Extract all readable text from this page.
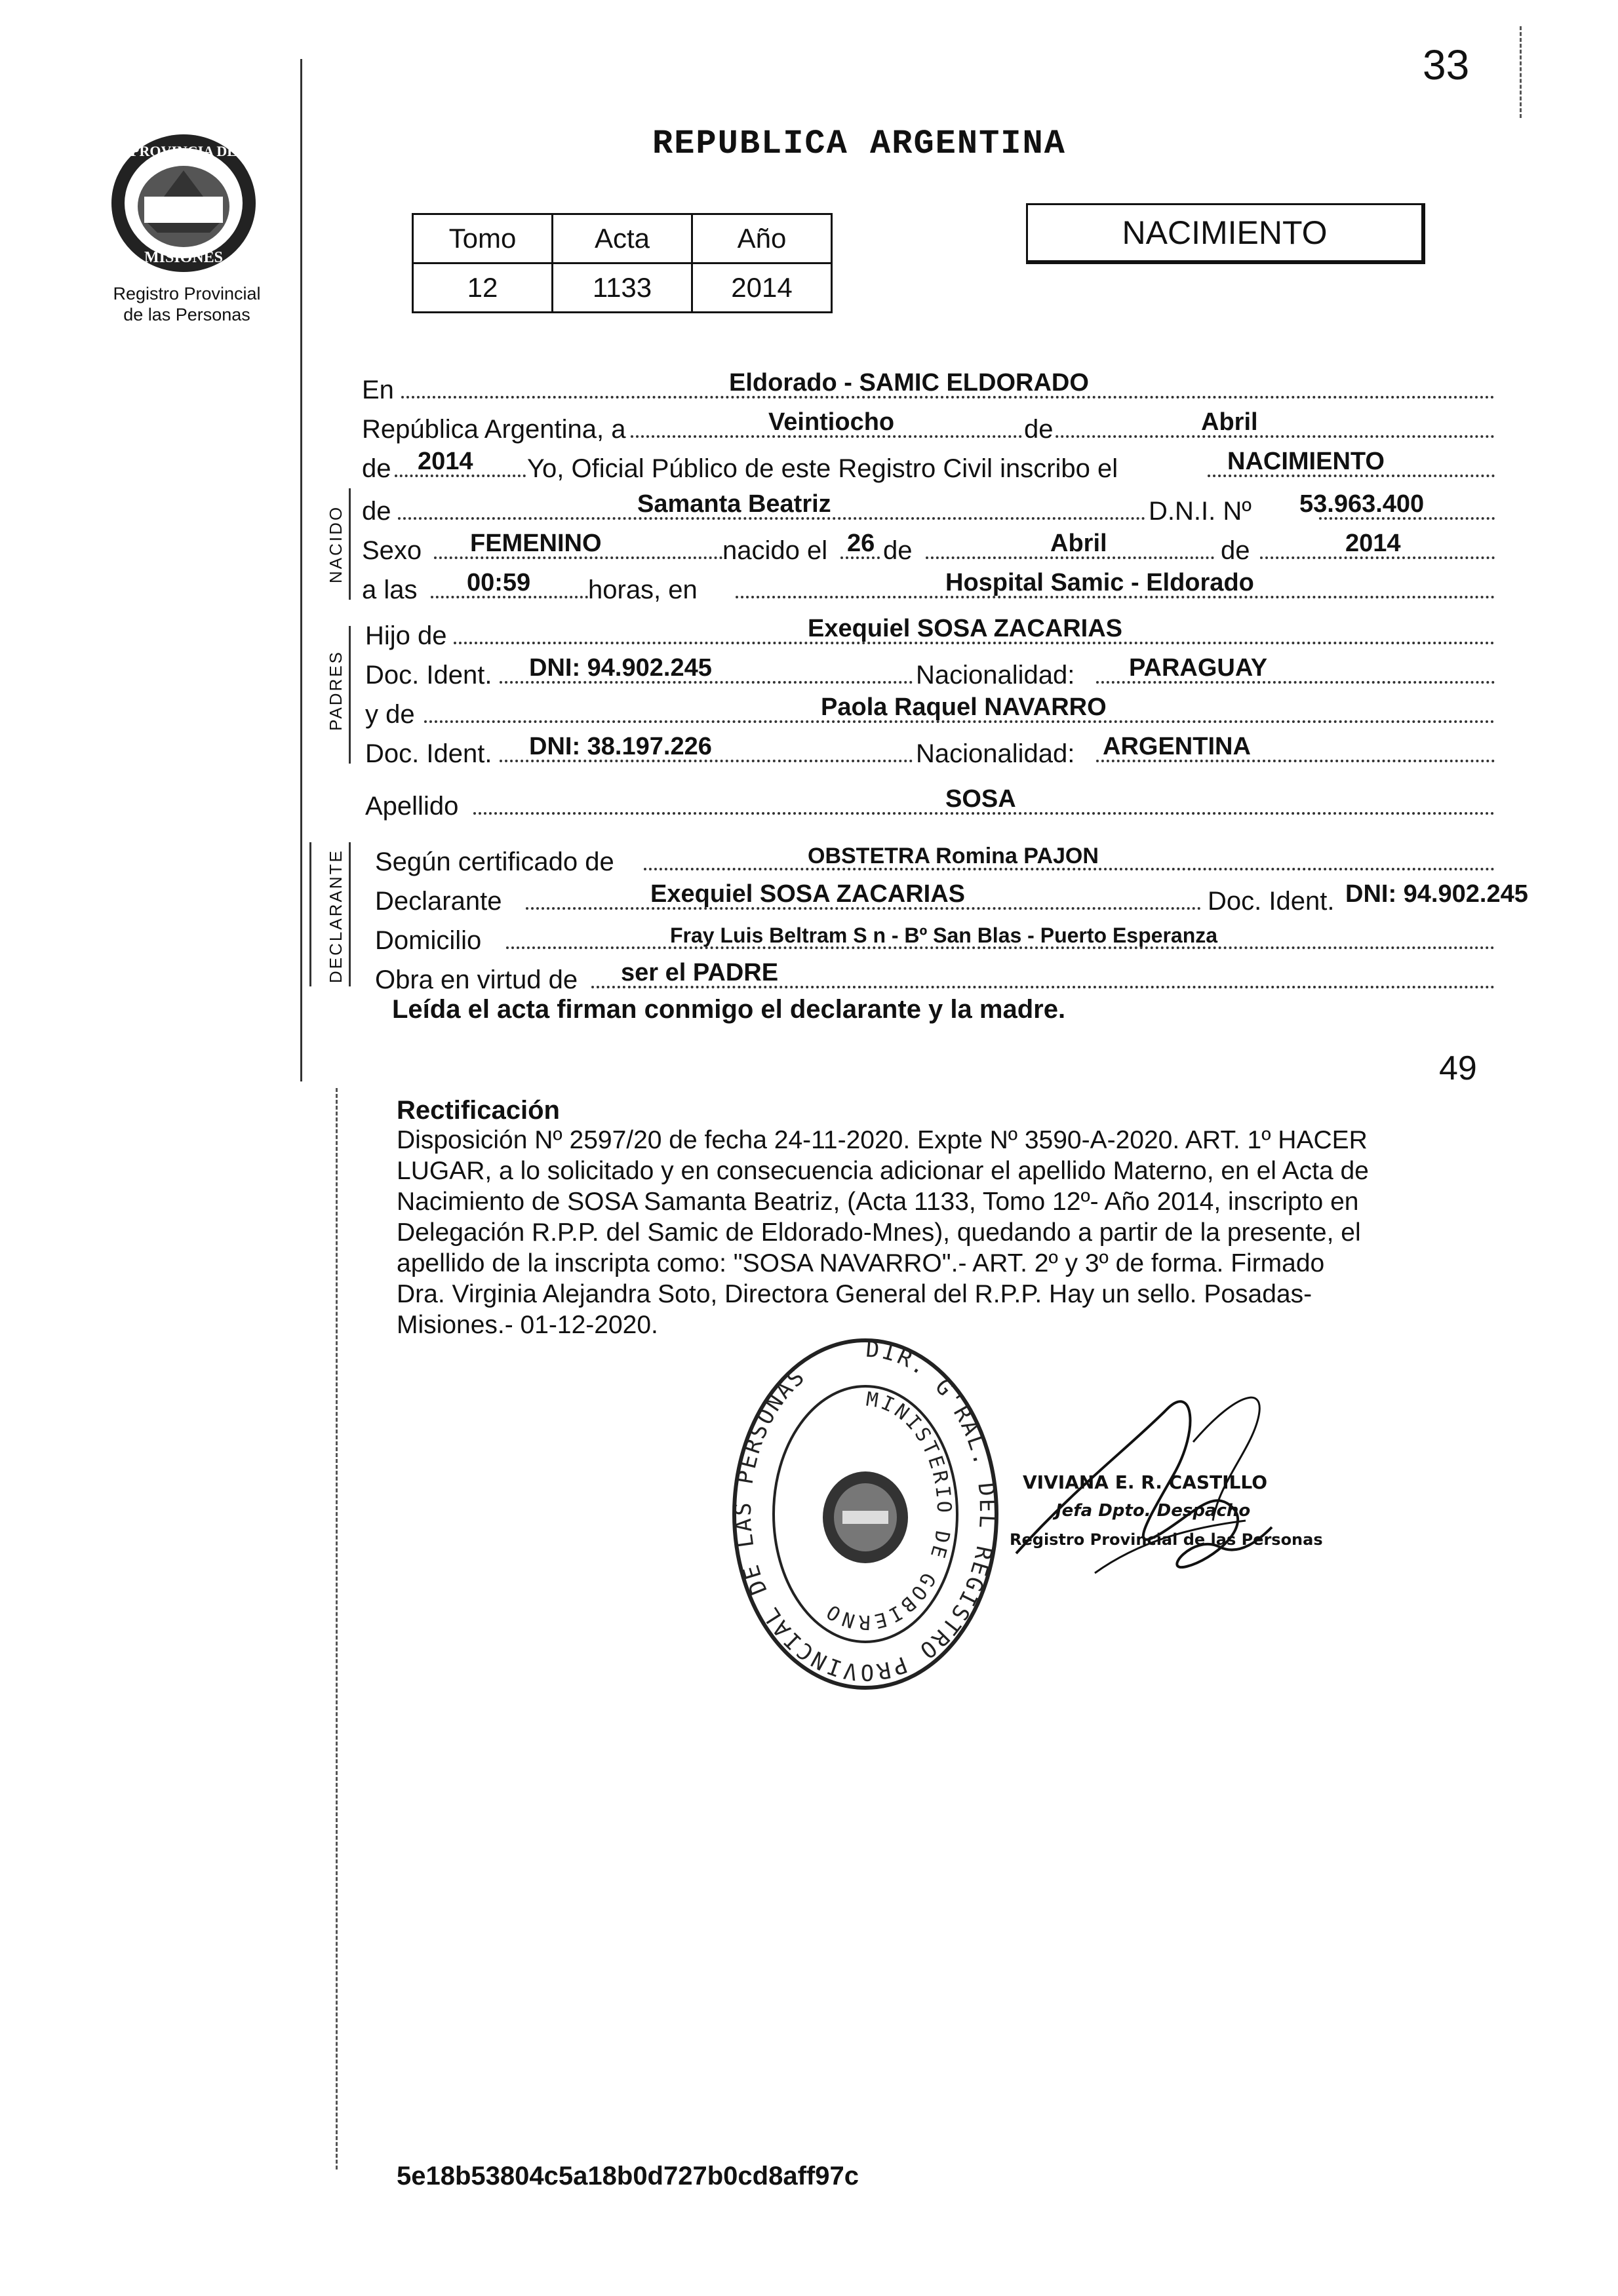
33
PROVINCIA DE
MISIONES
Registro Provincial
de las Personas
REPUBLICA ARGENTINA
Tomo	Acta	Año
12	1133	2014
NACIMIENTO
NACIDO
PADRES
DECLARANTE
En	Eldorado - SAMIC ELDORADO
República Argentina, a	Veintiocho	de	Abril
de 2014 Yo, Oficial Público de este Registro Civil inscribo el	NACIMIENTO
de	Samanta Beatriz	D.N.I. Nº 53.963.400
Sexo FEMENINO	nacido el 26 de	Abril	de	2014
a las 00:59 horas, en	Hospital Samic - Eldorado
Hijo de	Exequiel SOSA ZACARIAS
Doc. Ident. DNI: 94.902.245	Nacionalidad: PARAGUAY
y de	Paola Raquel NAVARRO
Doc. Ident. DNI: 38.197.226	Nacionalidad: ARGENTINA
Apellido	SOSA
Según certificado de	OBSTETRA Romina PAJON
Declarante	Exequiel SOSA ZACARIAS	Doc. Ident. DNI: 94.902.245
Domicilio	Fray Luis Beltram S n - Bº San Blas - Puerto Esperanza
Obra en virtud de ser el PADRE
Leída el acta firman conmigo el declarante y la madre.
49
Rectificación
Disposición Nº 2597/20 de fecha 24-11-2020. Expte Nº 3590-A-2020. ART. 1º HACER
LUGAR, a lo solicitado y en consecuencia adicionar el apellido Materno, en el Acta de
Nacimiento de SOSA Samanta Beatriz, (Acta 1133, Tomo 12º- Año 2014, inscripto en
Delegación R.P.P. del Samic de Eldorado-Mnes), quedando a partir de la presente, el
apellido de la inscripta como: "SOSA NAVARRO".- ART. 2º y 3º de forma. Firmado
Dra. Virginia Alejandra Soto, Directora General del R.P.P. Hay un sello. Posadas-
Misiones.- 01-12-2020.
DIR. G'RAL. DEL REGISTRO PROVINCIAL DE LAS PERSONAS
MINISTERIO DE GOBIERNO
VIVIANA E. R. CASTILLO
Jefa Dpto. Despacho
Registro Provincial de las Personas
5e18b53804c5a18b0d727b0cd8aff97c
